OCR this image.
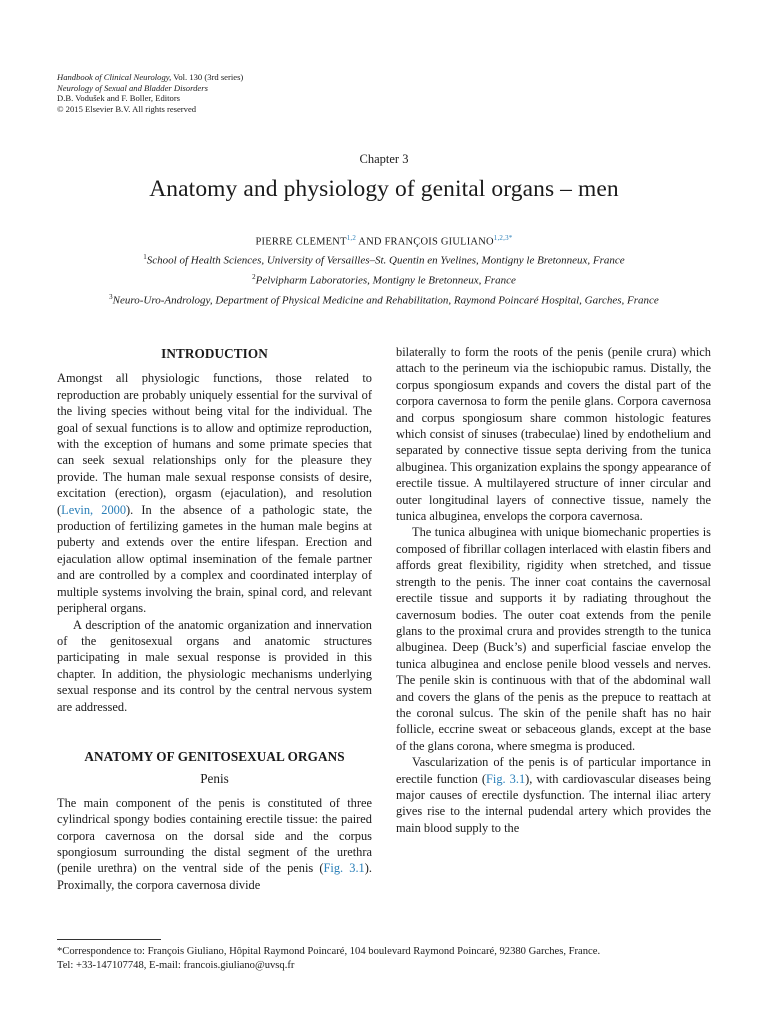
Handbook of Clinical Neurology, Vol. 130 (3rd series)
Neurology of Sexual and Bladder Disorders
D.B. Vodušek and F. Boller, Editors
© 2015 Elsevier B.V. All rights reserved
Chapter 3
Anatomy and physiology of genital organs – men
PIERRE CLEMENT$^{1,2}$ AND FRANÇOIS $GIULIANO^{1,2,3*}$
$^1$School of Health Sciences, University of Versailles–St. Quentin en Yvelines, Montigny le Bretonneux, France
$^2$Pelvipharm Laboratories, Montigny le Bretonneux, France
$^3$Neuro-Uro-Andrology, Department of Physical Medicine and Rehabilitation, Raymond Poincaré Hospital, Garches, France
INTRODUCTION

Amongst all physiologic functions, those related to reproduction are probably uniquely essential for the survival of the living species without being vital for the individual. The goal of sexual functions is to allow and optimize reproduction, with the exception of humans and some primate species that can seek sexual relationships only for the pleasure they provide. The human male sexual response consists of desire, excitation (erection), orgasm (ejaculation), and resolution (Levin, 2000). In the absence of a pathologic state, the production of fertilizing gametes in the human male begins at puberty and extends over the entire lifespan. Erection and ejaculation allow optimal insemination of the female partner and are controlled by a complex and coordinated interplay of multiple systems involving the brain, spinal cord, and relevant peripheral organs.

A description of the anatomic organization and innervation of the genitosexual organs and anatomic structures participating in male sexual response is provided in this chapter. In addition, the physiologic mechanisms underlying sexual response and its control by the central nervous system are addressed.

ANATOMY OF GENITOSEXUAL ORGANS
Penis

The main component of the penis is constituted of three cylindrical spongy bodies containing erectile tissue: the paired corpora cavernosa on the dorsal side and the corpus spongiosum surrounding the distal segment of the urethra (penile urethra) on the ventral side of the penis (Fig. 3.1). Proximally, the corpora cavernosa divide

bilaterally to form the roots of the penis (penile crura) which attach to the perineum via the ischiopubic ramus. Distally, the corpus spongiosum expands and covers the distal part of the corpora cavernosa to form the penile glans. Corpora cavernosa and corpus spongiosum share common histologic features which consist of sinuses (trabeculae) lined by endothelium and separated by connective tissue septa deriving from the tunica albuginea. This organization explains the spongy appearance of erectile tissue. A multilayered structure of inner circular and outer longitudinal layers of connective tissue, namely the tunica albuginea, envelops the corpora cavernosa.

The tunica albuginea with unique biomechanic properties is composed of fibrillar collagen interlaced with elastin fibers and affords great flexibility, rigidity when stretched, and tissue strength to the penis. The inner coat contains the cavernosal erectile tissue and supports it by radiating throughout the cavernosum bodies. The outer coat extends from the penile glans to the proximal crura and provides strength to the tunica albuginea. Deep (Buck’s) and superficial fasciae envelop the tunica albuginea and enclose penile blood vessels and nerves. The penile skin is continuous with that of the abdominal wall and covers the glans of the penis as the prepuce to reattach at the coronal sulcus. The skin of the penile shaft has no hair follicle, eccrine sweat or sebaceous glands, except at the base of the glans corona, where smegma is produced.

Vascularization of the penis is of particular importance in erectile function (Fig. 3.1), with cardiovascular diseases being major causes of erectile dysfunction. The internal iliac artery gives rise to the internal pudendal artery which provides the main blood supply to the

*Correspondence to: François Giuliano, Hôpital Raymond Poincaré, 104 boulevard Raymond Poincaré, 92380 Garches, France.
Tel: +33-147107748, E-mail: francois.giuliano@uvsq.fr
